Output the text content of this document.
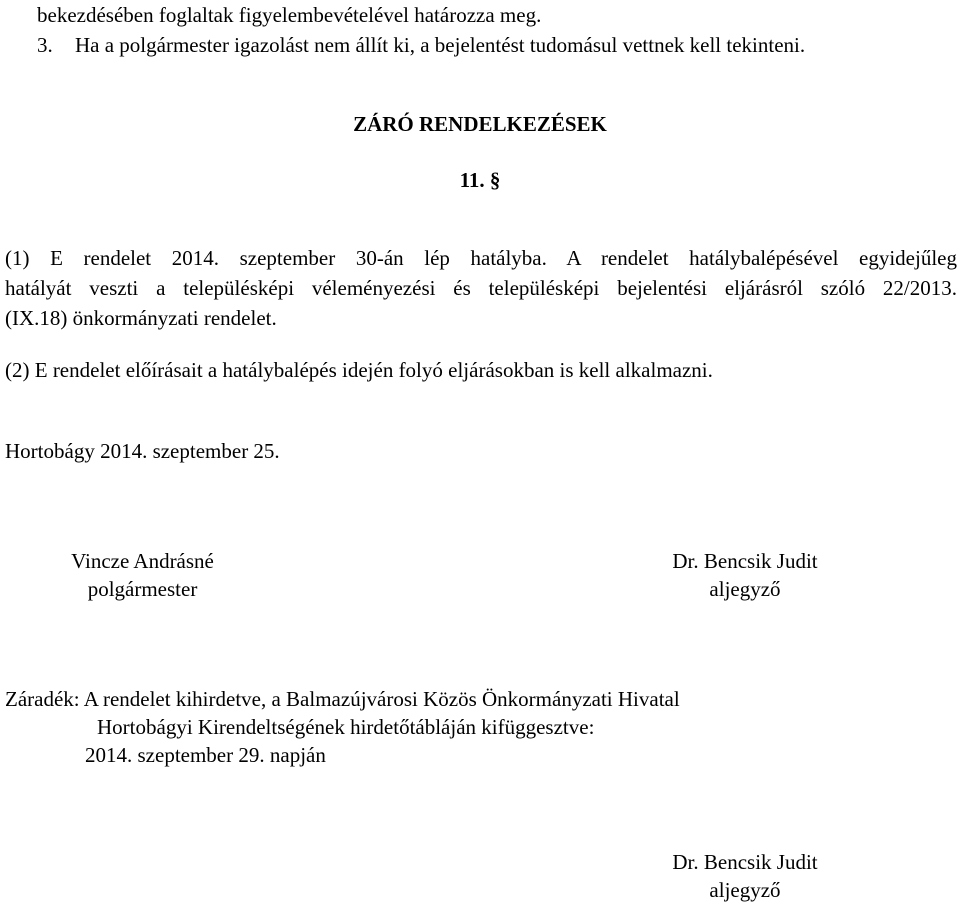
bekezdésében foglaltak figyelembevételével határozza meg.
3. Ha a polgármester igazolást nem állít ki, a bejelentést tudomásul vettnek kell tekinteni.
ZÁRÓ RENDELKEZÉSEK
11. §
(1) E rendelet 2014. szeptember 30-án lép hatályba. A rendelet hatálybalépésével egyidejűleg
hatályát veszti a településképi véleményezési és településképi bejelentési eljárásról szóló 22/2013.
(IX.18) önkormányzati rendelet.
(2) E rendelet előírásait a hatálybalépés idején folyó eljárásokban is kell alkalmazni.
Hortobágy 2014. szeptember 25.
Vincze Andrásné
polgármester
Dr. Bencsik Judit
aljegyző
Záradék: A rendelet kihirdetve, a Balmazújvárosi Közös Önkormányzati Hivatal
Hortobágyi Kirendeltségének hirdetőtábláján kifüggesztve:
2014. szeptember 29. napján
Dr. Bencsik Judit
aljegyző
